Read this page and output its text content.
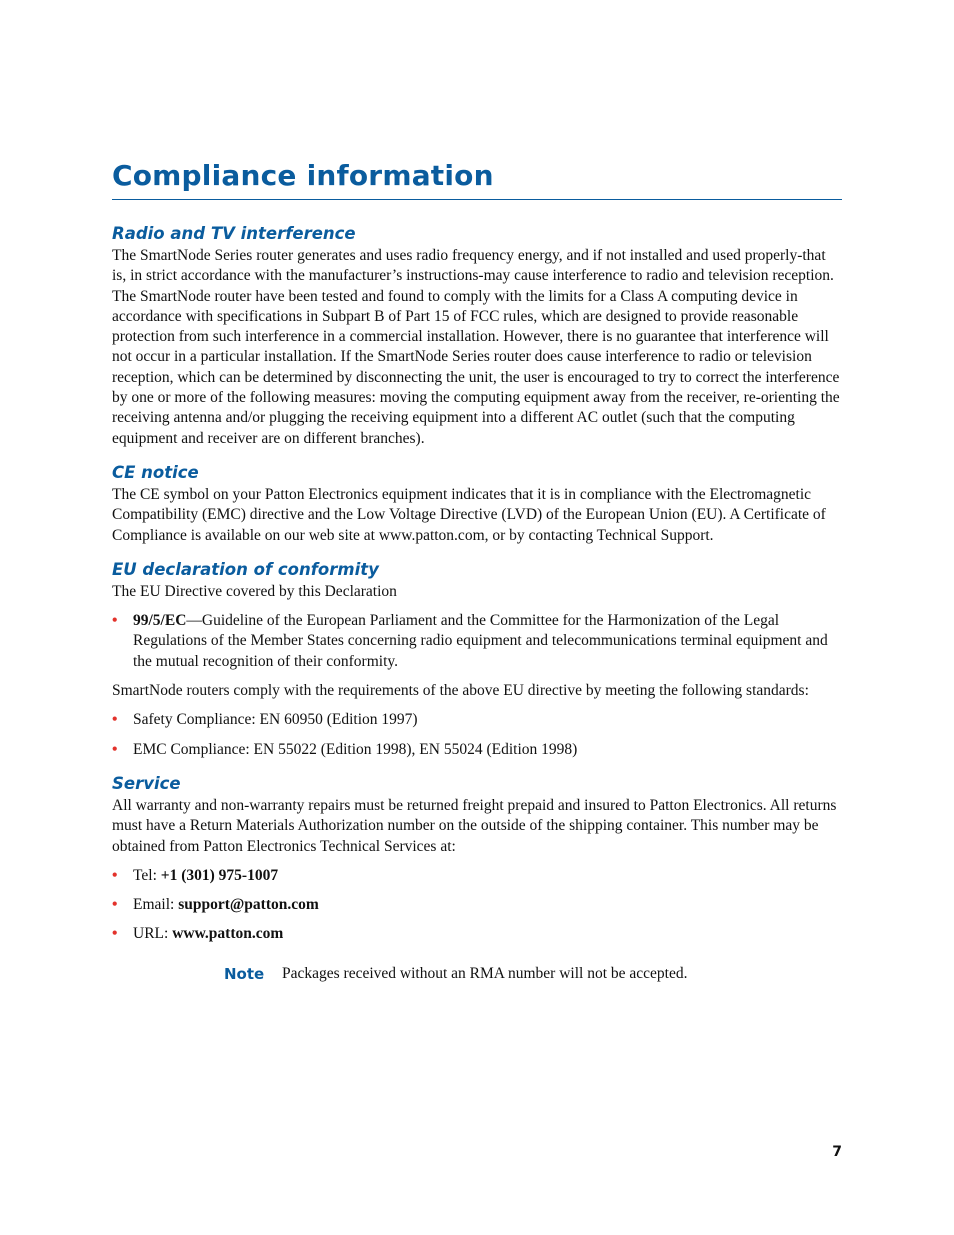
Compliance information
Radio and TV interference

The SmartNode Series router generates and uses radio frequency energy, and if not installed and used properly-that is, in strict accordance with the manufacturer’s instructions-may cause interference to radio and television reception. The SmartNode router have been tested and found to comply with the limits for a Class A computing device in accordance with specifications in Subpart B of Part 15 of FCC rules, which are designed to provide reasonable protection from such interference in a commercial installation. However, there is no guarantee that interference will not occur in a particular installation. If the SmartNode Series router does cause interference to radio or television reception, which can be determined by disconnecting the unit, the user is encouraged to try to correct the interference by one or more of the following measures: moving the computing equipment away from the receiver, re-orienting the receiving antenna and/or plugging the receiving equipment into a different AC outlet (such that the computing equipment and receiver are on different branches).

CE notice

The CE symbol on your Patton Electronics equipment indicates that it is in compliance with the Electromagnetic Compatibility (EMC) directive and the Low Voltage Directive (LVD) of the European Union (EU). A Certificate of Compliance is available on our web site at www.patton.com, or by contacting Technical Support.

EU declaration of conformity

The EU Directive covered by this Declaration

• 99/5/EC—Guideline of the European Parliament and the Committee for the Harmonization of the Legal Regulations of the Member States concerning radio equipment and telecommunications terminal equipment and the mutual recognition of their conformity.

SmartNode routers comply with the requirements of the above EU directive by meeting the following standards:

• Safety Compliance: EN 60950 (Edition 1997)
• EMC Compliance: EN 55022 (Edition 1998), EN 55024 (Edition 1998)
Service

All warranty and non-warranty repairs must be returned freight prepaid and insured to Patton Electronics. All returns must have a Return Materials Authorization number on the outside of the shipping container. This number may be obtained from Patton Electronics Technical Services at:

• Tel: +1 (301) 975-1007
• Email: support@patton.com
• URL: www.patton.com
Note	Packages received without an RMA number will not be accepted.
7
